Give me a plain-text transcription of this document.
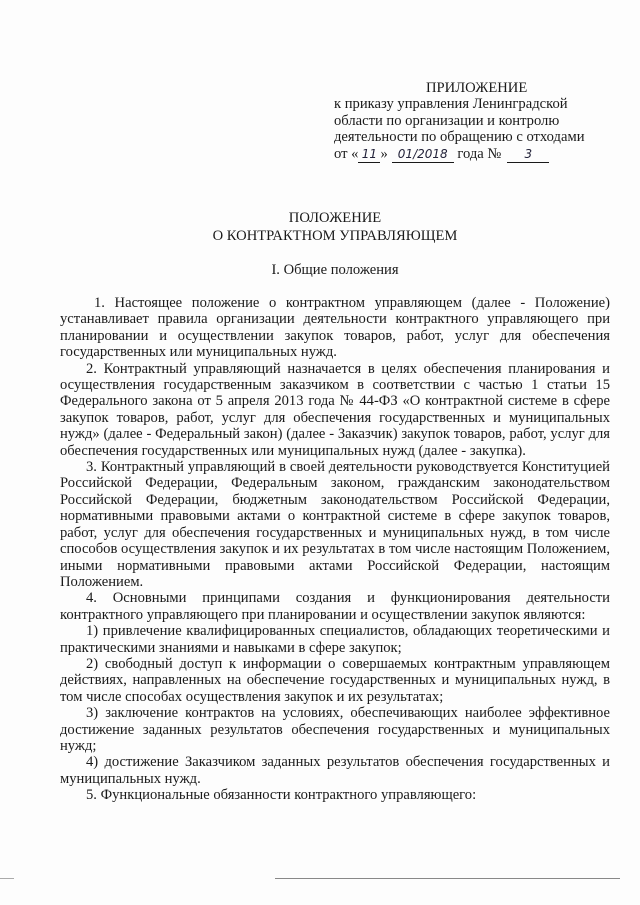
ПРИЛОЖЕНИЕ
к приказу управления Ленинградской
области по организации и контролю
деятельности по обращению с отходами
от « 11 » 01/2018 года № 3
ПОЛОЖЕНИЕ
О КОНТРАКТНОМ УПРАВЛЯЮЩЕМ
I. Общие положения

1. Настоящее положение о контрактном управляющем (далее - Положение) устанавливает правила организации деятельности контрактного управляющего при планировании и осуществлении закупок товаров, работ, услуг для обеспечения государственных или муниципальных нужд.

2. Контрактный управляющий назначается в целях обеспечения планирования и осуществления государственным заказчиком в соответствии с частью 1 статьи 15 Федерального закона от 5 апреля 2013 года № 44-ФЗ «О контрактной системе в сфере закупок товаров, работ, услуг для обеспечения государственных и муниципальных нужд» (далее - Федеральный закон) (далее - Заказчик) закупок товаров, работ, услуг для обеспечения государственных или муниципальных нужд (далее - закупка).

3. Контрактный управляющий в своей деятельности руководствуется Конституцией Российской Федерации, Федеральным законом, гражданским законодательством Российской Федерации, бюджетным законодательством Российской Федерации, нормативными правовыми актами о контрактной системе в сфере закупок товаров, работ, услуг для обеспечения государственных и муниципальных нужд, в том числе способов осуществления закупок и их результатах в том числе настоящим Положением, иными нормативными правовыми актами Российской Федерации, настоящим Положением.

4. Основными принципами создания и функционирования деятельности контрактного управляющего при планировании и осуществлении закупок являются:

1) привлечение квалифицированных специалистов, обладающих теоретическими и практическими знаниями и навыками в сфере закупок;

2) свободный доступ к информации о совершаемых контрактным управляющем действиях, направленных на обеспечение государственных и муниципальных нужд, в том числе способах осуществления закупок и их результатах;

3) заключение контрактов на условиях, обеспечивающих наиболее эффективное достижение заданных результатов обеспечения государственных и муниципальных нужд;

4) достижение Заказчиком заданных результатов обеспечения государственных и муниципальных нужд.

5. Функциональные обязанности контрактного управляющего:
